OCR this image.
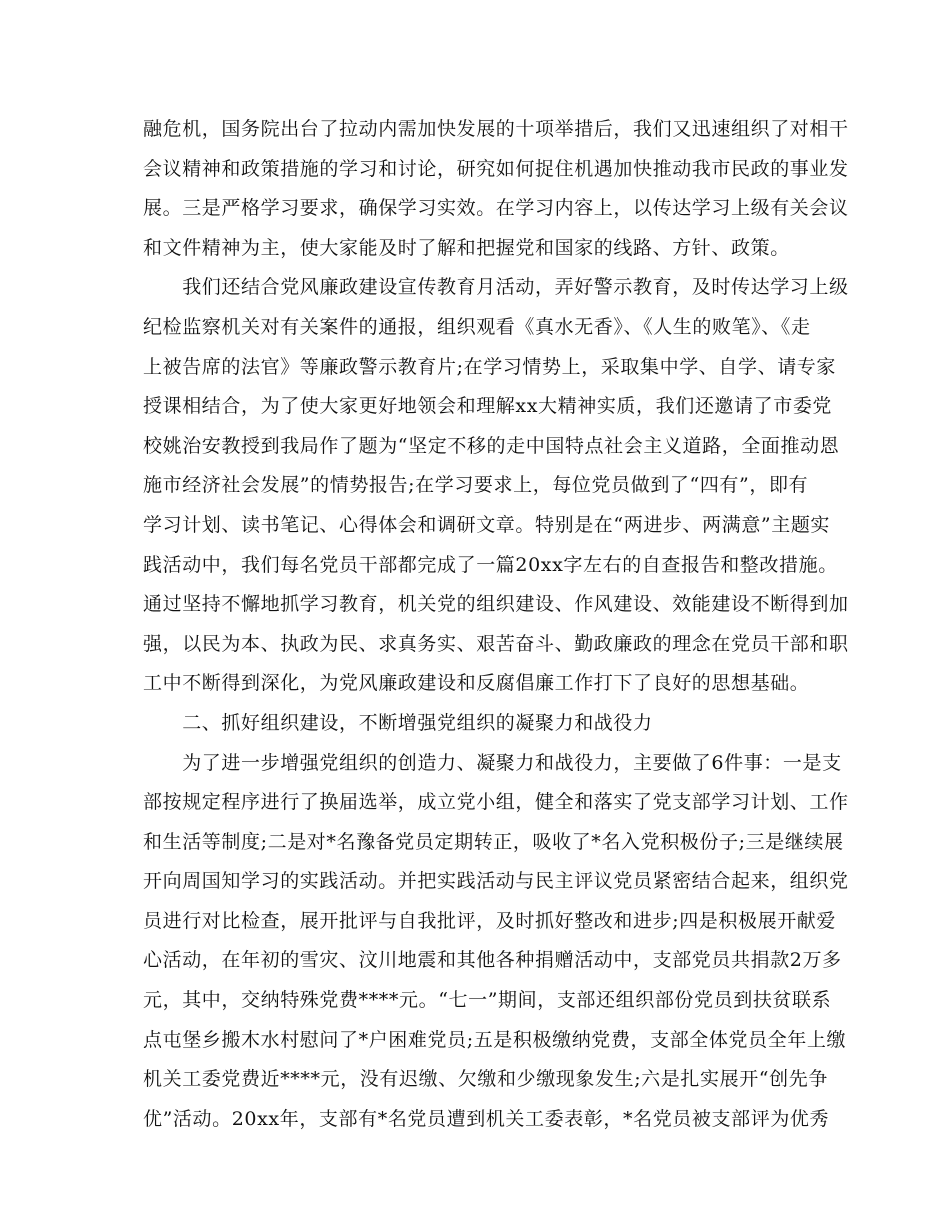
融危机，国务院出台了拉动内需加快发展的十项举措后，我们又迅速组织了对相干
会议精神和政策措施的学习和讨论，研究如何捉住机遇加快推动我市民政的事业发
展。三是严格学习要求，确保学习实效。在学习内容上，以传达学习上级有关会议
和文件精神为主，使大家能及时了解和把握党和国家的线路、方针、政策。

　　我们还结合党风廉政建设宣传教育月活动，弄好警示教育，及时传达学习上级
纪检监察机关对有关案件的通报，组织观看《真水无香》、《人生的败笔》、《走
上被告席的法官》等廉政警示教育片;在学习情势上，采取集中学、自学、请专家
授课相结合，为了使大家更好地领会和理解xx大精神实质，我们还邀请了市委党
校姚治安教授到我局作了题为“坚定不移的走中国特点社会主义道路，全面推动恩
施市经济社会发展”的情势报告;在学习要求上，每位党员做到了“四有”，即有
学习计划、读书笔记、心得体会和调研文章。特别是在“两进步、两满意”主题实
践活动中，我们每名党员干部都完成了一篇20xx字左右的自查报告和整改措施。
通过坚持不懈地抓学习教育，机关党的组织建设、作风建设、效能建设不断得到加
强，以民为本、执政为民、求真务实、艰苦奋斗、勤政廉政的理念在党员干部和职
工中不断得到深化，为党风廉政建设和反腐倡廉工作打下了良好的思想基础。

　　二、抓好组织建设，不断增强党组织的凝聚力和战役力

　　为了进一步增强党组织的创造力、凝聚力和战役力，主要做了6件事：一是支
部按规定程序进行了换届选举，成立党小组，健全和落实了党支部学习计划、工作
和生活等制度;二是对*名豫备党员定期转正，吸收了*名入党积极份子;三是继续展
开向周国知学习的实践活动。并把实践活动与民主评议党员紧密结合起来，组织党
员进行对比检查，展开批评与自我批评，及时抓好整改和进步;四是积极展开献爱
心活动，在年初的雪灾、汶川地震和其他各种捐赠活动中，支部党员共捐款2万多
元，其中，交纳特殊党费****元。“七一”期间，支部还组织部份党员到扶贫联系
点屯堡乡搬木水村慰问了*户困难党员;五是积极缴纳党费，支部全体党员全年上缴
机关工委党费近****元，没有迟缴、欠缴和少缴现象发生;六是扎实展开“创先争
优”活动。20xx年，支部有*名党员遭到机关工委表彰，*名党员被支部评为优秀
